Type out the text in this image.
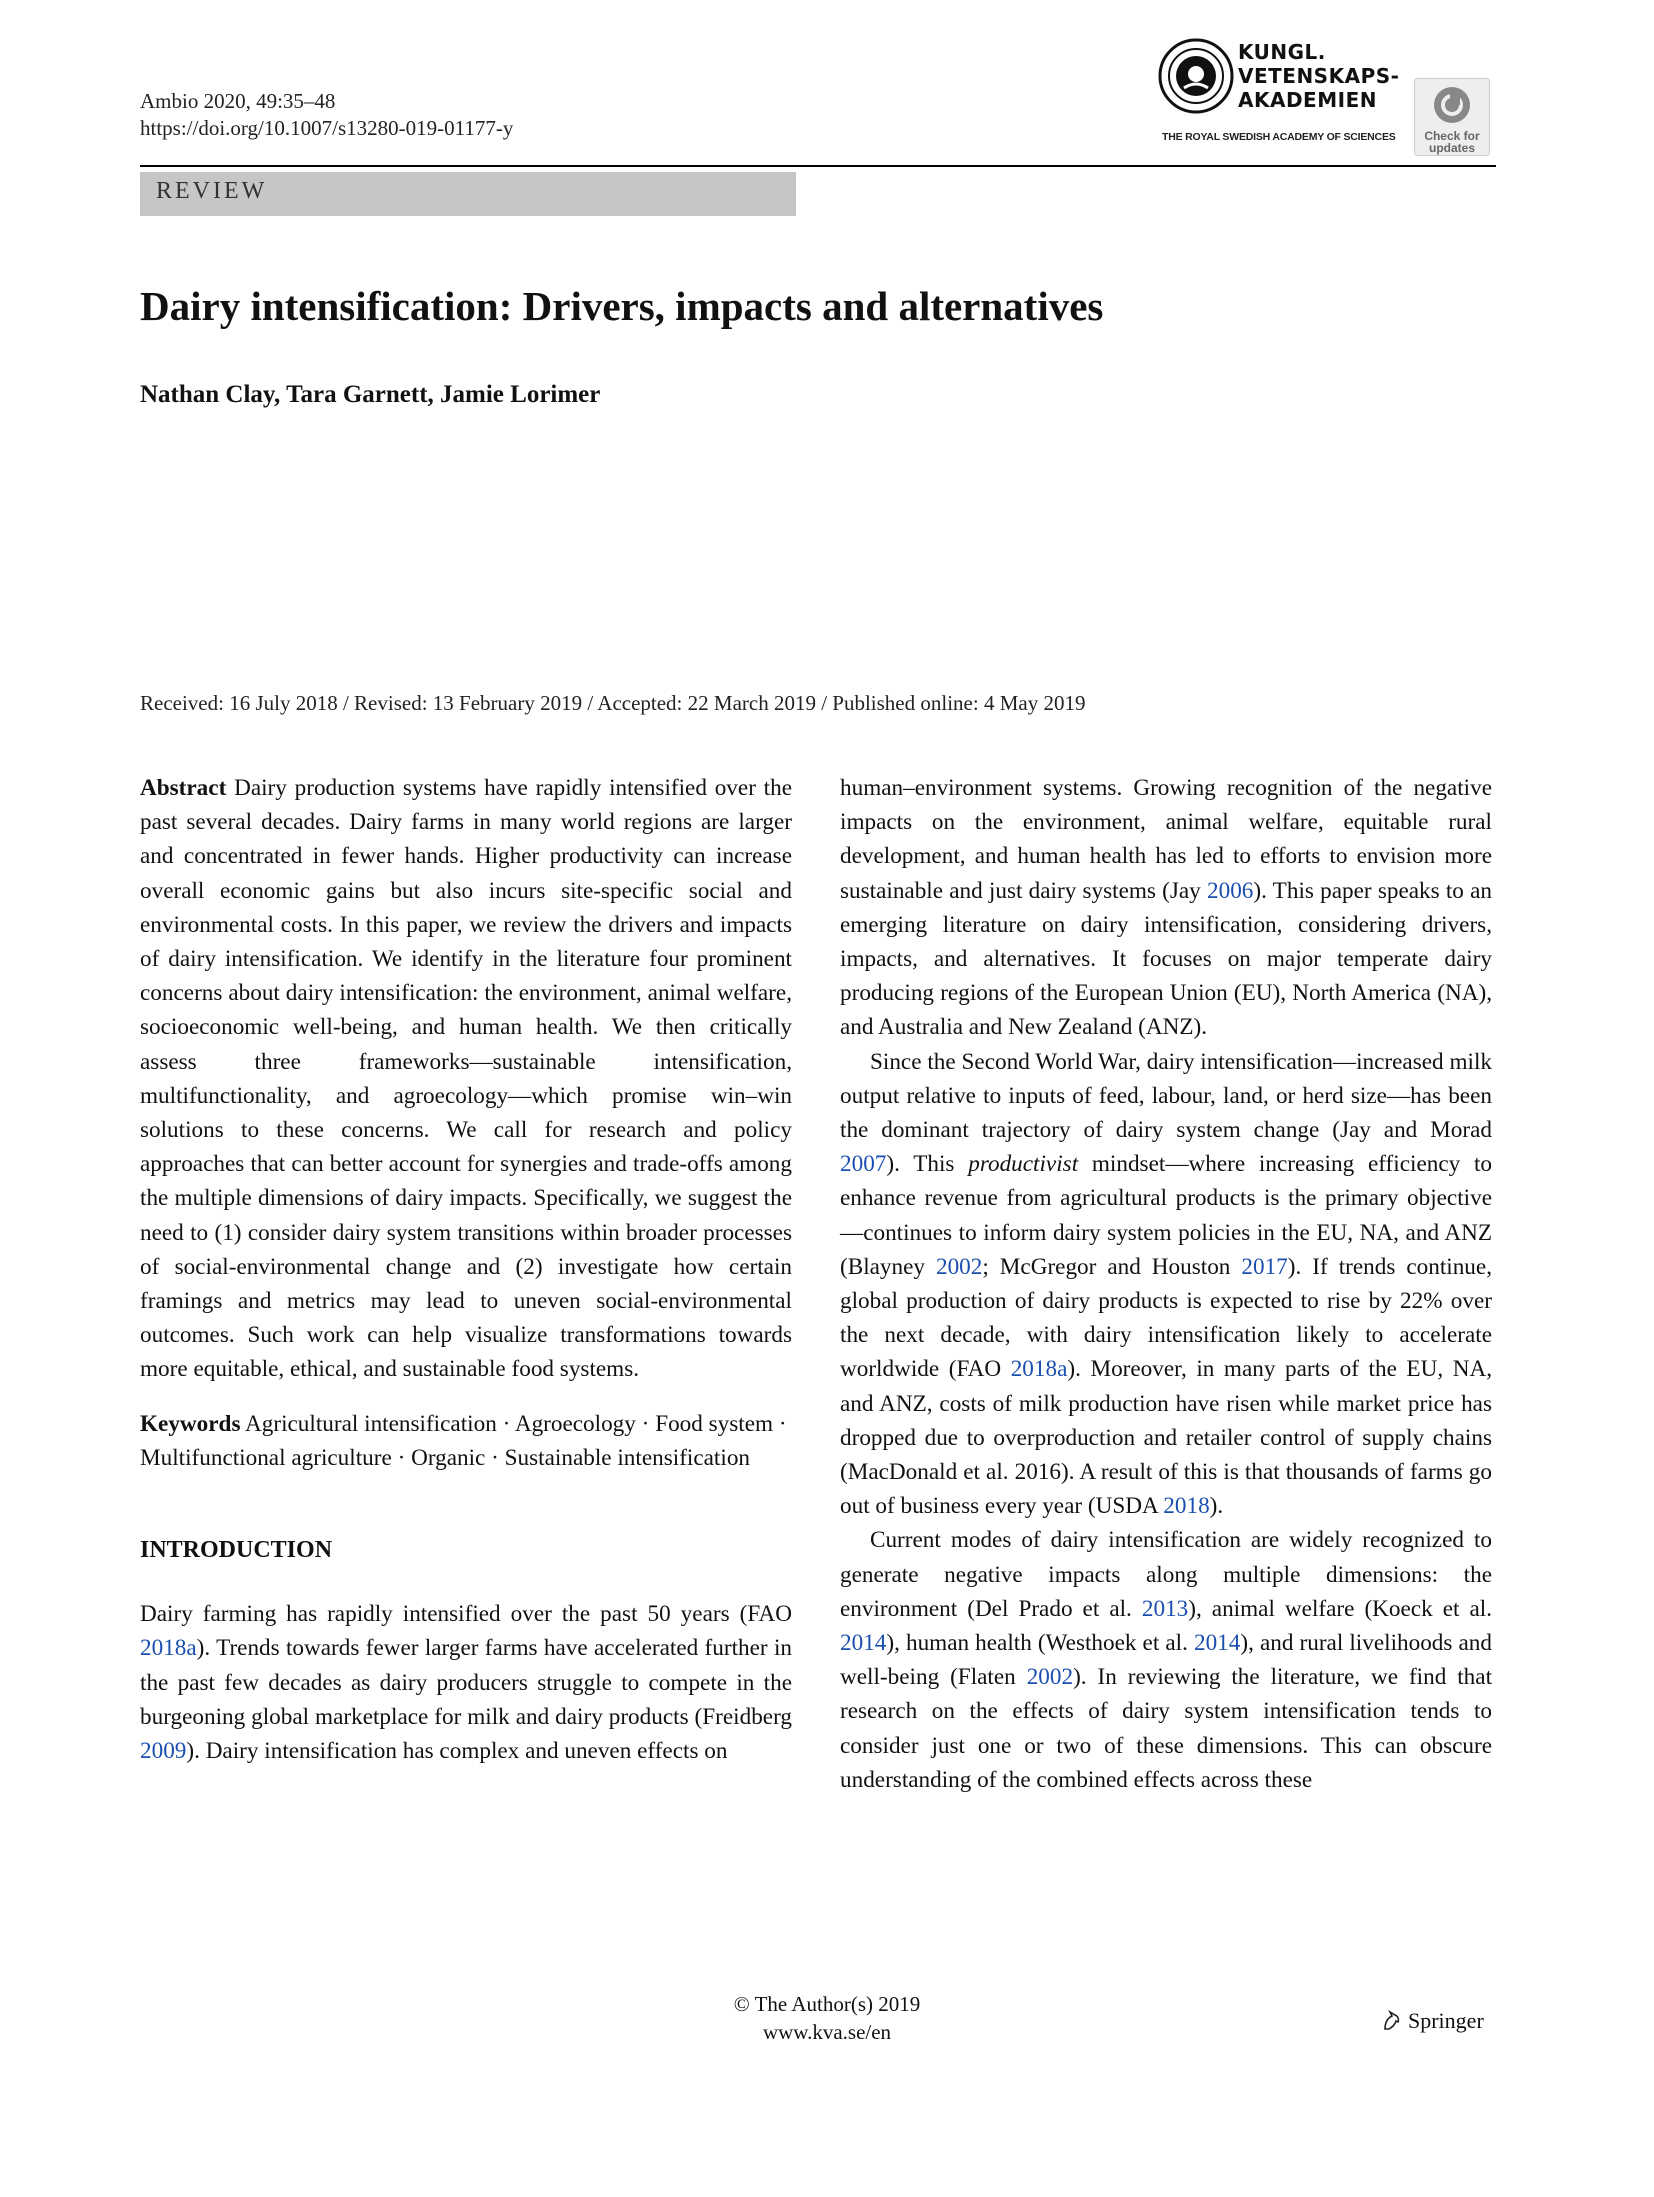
Ambio 2020, 49:35–48
https://doi.org/10.1007/s13280-019-01177-y
KUNGL.
VETENSKAPS-
AKADEMIEN
THE ROYAL SWEDISH ACADEMY OF SCIENCES	Check for
updates
REVIEW
Dairy intensification: Drivers, impacts and alternatives
Nathan Clay, Tara Garnett, Jamie Lorimer
Received: 16 July 2018 / Revised: 13 February 2019 / Accepted: 22 March 2019 / Published online: 4 May 2019

Abstract Dairy production systems have rapidly intensified over the past several decades. Dairy farms in many world regions are larger and concentrated in fewer hands. Higher productivity can increase overall economic gains but also incurs site-specific social and environmental costs. In this paper, we review the drivers and impacts of dairy intensification. We identify in the literature four prominent concerns about dairy intensification: the environment, animal welfare, socioeconomic well-being, and human health. We then critically assess three frameworks—sustainable intensification, multifunctionality, and agroecology—which promise win–win solutions to these concerns. We call for research and policy approaches that can better account for synergies and trade-offs among the multiple dimensions of dairy impacts. Specifically, we suggest the need to (1) consider dairy system transitions within broader processes of social-environmental change and (2) investigate how certain framings and metrics may lead to uneven social-environmental outcomes. Such work can help visualize transformations towards more equitable, ethical, and sustainable food systems.

Keywords Agricultural intensification · Agroecology · Food system · Multifunctional agriculture · Organic · Sustainable intensification

INTRODUCTION

Dairy farming has rapidly intensified over the past 50 years (FAO 2018a). Trends towards fewer larger farms have accelerated further in the past few decades as dairy producers struggle to compete in the burgeoning global marketplace for milk and dairy products (Freidberg 2009). Dairy intensification has complex and uneven effects on

human–environment systems. Growing recognition of the negative impacts on the environment, animal welfare, equitable rural development, and human health has led to efforts to envision more sustainable and just dairy systems (Jay 2006). This paper speaks to an emerging literature on dairy intensification, considering drivers, impacts, and alternatives. It focuses on major temperate dairy producing regions of the European Union (EU), North America (NA), and Australia and New Zealand (ANZ).

Since the Second World War, dairy intensification—increased milk output relative to inputs of feed, labour, land, or herd size—has been the dominant trajectory of dairy system change (Jay and Morad 2007). This productivist mindset—where increasing efficiency to enhance revenue from agricultural products is the primary objective—continues to inform dairy system policies in the EU, NA, and ANZ (Blayney 2002; McGregor and Houston 2017). If trends continue, global production of dairy products is expected to rise by 22% over the next decade, with dairy intensification likely to accelerate worldwide (FAO 2018a). Moreover, in many parts of the EU, NA, and ANZ, costs of milk production have risen while market price has dropped due to overproduction and retailer control of supply chains (MacDonald et al. 2016). A result of this is that thousands of farms go out of business every year (USDA 2018).

Current modes of dairy intensification are widely recognized to generate negative impacts along multiple dimensions: the environment (Del Prado et al. 2013), animal welfare (Koeck et al. 2014), human health (Westhoek et al. 2014), and rural livelihoods and well-being (Flaten 2002). In reviewing the literature, we find that research on the effects of dairy system intensification tends to consider just one or two of these dimensions. This can obscure understanding of the combined effects across these

© The Author(s) 2019
www.kva.se/en	Springer
